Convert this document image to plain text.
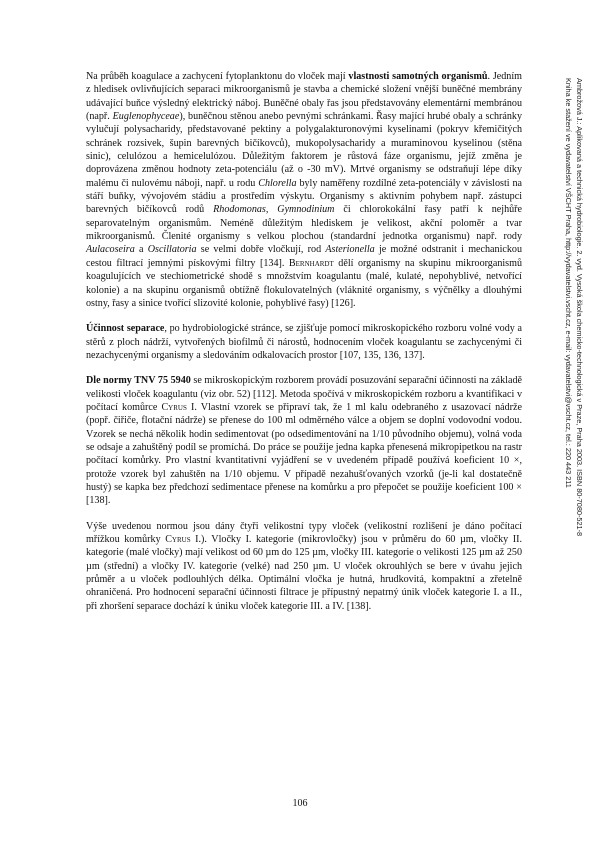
Na průběh koagulace a zachycení fytoplanktonu do vloček mají vlastnosti samotných organismů. Jedním z hledisek ovlivňujících separaci mikroorganismů je stavba a chemické složení vnější buněčné membrány udávající buňce výsledný elektrický náboj. Buněčné obaly řas jsou představovány elementární membránou (např. Euglenophyceae), buněčnou stěnou anebo pevnými schránkami. Řasy mající hrubé obaly a schránky vylučují polysacharidy, představované pektiny a polygalakturonovými kyselinami (pokryv křemičitých schránek rozsivek, šupin barevných bičíkovců), mukopolysacharidy a muraminovou kyselinou (stěna sinic), celulózou a hemicelulózou. Důležitým faktorem je růstová fáze organismu, jejíž změna je doprovázena změnou hodnoty zeta-potenciálu (až o -30 mV). Mrtvé organismy se odstraňují lépe díky malému či nulovému náboji, např. u rodu Chlorella byly naměřeny rozdílné zeta-potenciály v závislosti na stáří buňky, vývojovém stádiu a prostředím výskytu. Organismy s aktivním pohybem např. zástupci barevných bičíkovců rodů Rhodomonas, Gymnodinium či chlorokokální řasy patří k nejhůře separovatelným organismům. Neméně důležitým hlediskem je velikost, akční poloměr a tvar mikroorganismů. Členité organismy s velkou plochou (standardní jednotka organismu) např. rody Aulacoseira a Oscillatoria se velmi dobře vločkují, rod Asterionella je možné odstranit i mechanickou cestou filtrací jemnými pískovými filtry [134]. Bernhardt dělí organismy na skupinu mikroorganismů koagulujících ve stechiometrické shodě s množstvím koagulantu (malé, kulaté, nepohyblivé, netvořící kolonie) a na skupinu organismů obtížně flokulovatelných (vláknité organismy, s výčnělky a dlouhými ostny, řasy a sinice tvořící slizovité kolonie, pohyblivé řasy) [126].

Účinnost separace, po hydrobiologické stránce, se zjišťuje pomocí mikroskopického rozboru volné vody a stěrů z ploch nádrží, vytvořených biofilmů či nárostů, hodnocením vloček koagulantu se zachycenými či nezachycenými organismy a sledováním odkalovacích prostor [107, 135, 136, 137].

Dle normy TNV 75 5940 se mikroskopickým rozborem provádí posuzování separační účinnosti na základě velikosti vloček koagulantu (viz obr. 52) [112]. Metoda spočívá v mikroskopickém rozboru a kvantifikaci v počítací komůrce Cyrus I. Vlastní vzorek se připraví tak, že 1 ml kalu odebraného z usazovací nádrže (popř. čiřiče, flotační nádrže) se přenese do 100 ml odměrného válce a objem se doplní vodovodní vodou. Vzorek se nechá několik hodin sedimentovat (po odsedimentování na 1/10 původního objemu), volná voda se odsaje a zahuštěný podíl se promíchá. Do práce se použije jedna kapka přenesená mikropipetkou na rastr počítací komůrky. Pro vlastní kvantitativní vyjádření se v uvedeném případě používá koeficient 10 ×, protože vzorek byl zahuštěn na 1/10 objemu. V případě nezahušťovaných vzorků (je-li kal dostatečně hustý) se kapka bez předchozí sedimentace přenese na komůrku a pro přepočet se použije koeficient 100 × [138].

Výše uvedenou normou jsou dány čtyři velikostní typy vloček (velikostní rozlišení je dáno počítací mřížkou komůrky Cyrus I.). Vločky I. kategorie (mikrovločky) jsou v průměru do 60 µm, vločky II. kategorie (malé vločky) mají velikost od 60 µm do 125 µm, vločky III. kategorie o velikosti 125 µm až 250 µm (střední) a vločky IV. kategorie (velké) nad 250 µm. U vloček okrouhlých se bere v úvahu jejich průměr a u vloček podlouhlých délka. Optimální vločka je hutná, hrudkovitá, kompaktní a zřetelně ohraničená. Pro hodnocení separační účinnosti filtrace je přípustný nepatrný únik vloček kategorie I. a II., při zhoršení separace dochází k úniku vloček kategorie III. a IV. [138].

Ambrožová J.: Aplikovaná a technická hydrobiologie. 2. vyd. Vysoká škola chemicko-technologická v Praze, Praha 2003. ISBN 80-7080-521-8
Kniha ke stažení ve vydavatelství VŠCHT Praha, http://vydavatelstvi.vscht.cz, e-mail: vydavatelstvi@vscht.cz, tel.: 220 443 211
106
